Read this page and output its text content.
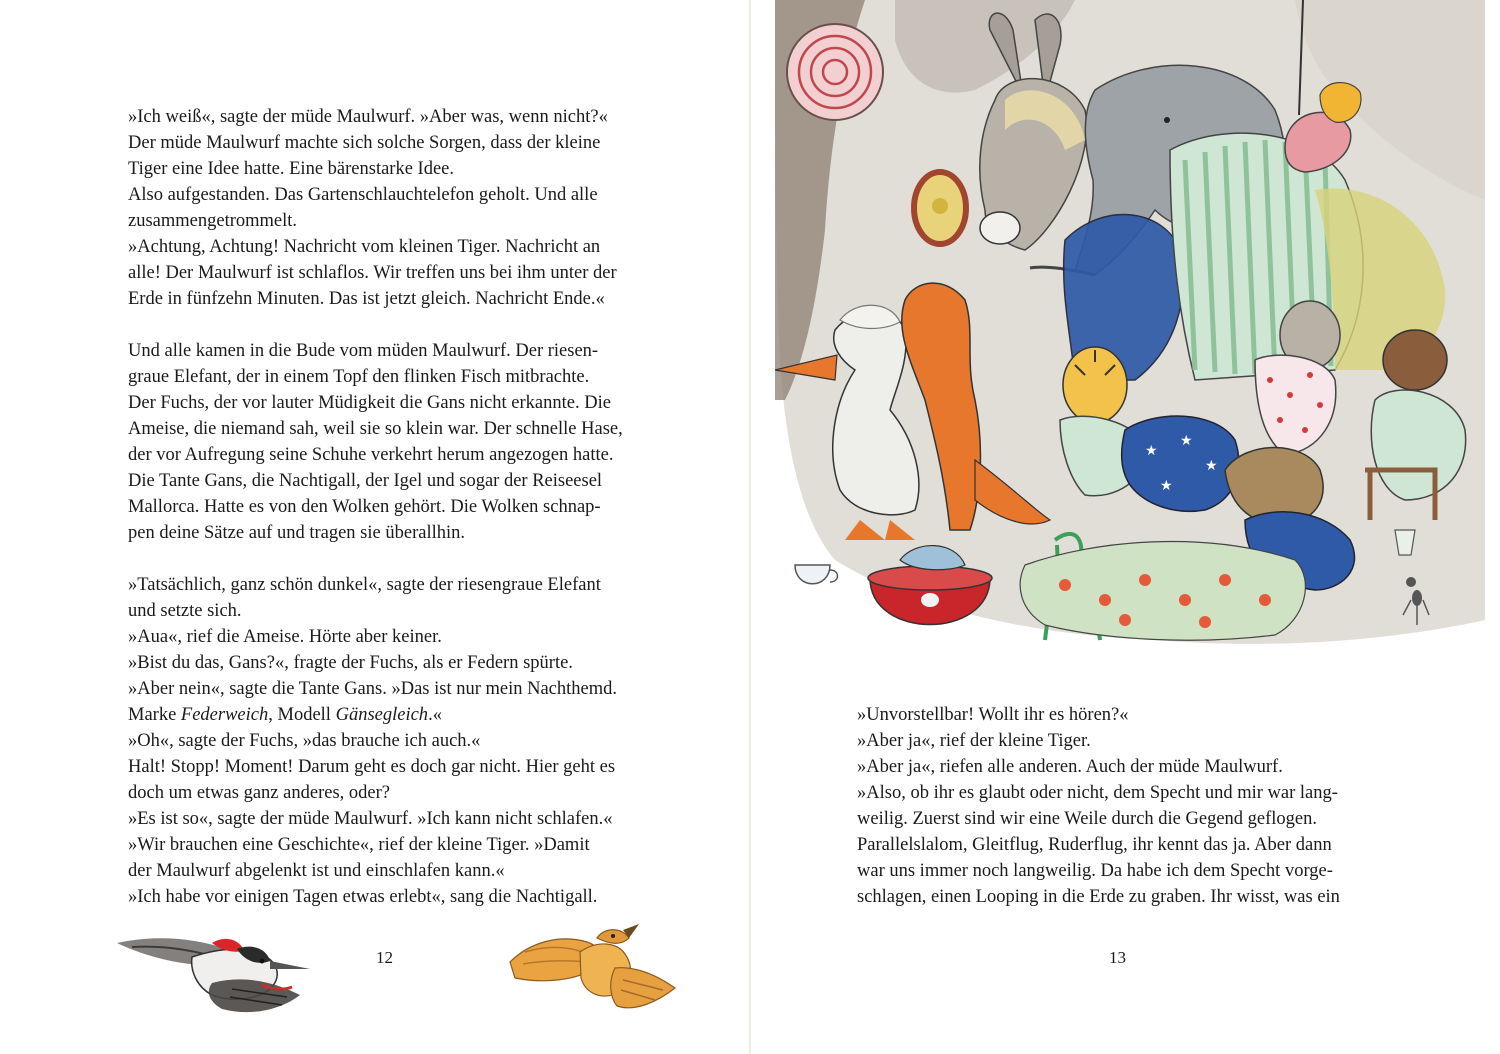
»Ich weiß«, sagte der müde Maulwurf. »Aber was, wenn nicht?«
Der müde Maulwurf machte sich solche Sorgen, dass der kleine
Tiger eine Idee hatte. Eine bärenstarke Idee.
Also aufgestanden. Das Gartenschlauchtelefon geholt. Und alle
zusammengetrommelt.
»Achtung, Achtung! Nachricht vom kleinen Tiger. Nachricht an
alle! Der Maulwurf ist schlaflos. Wir treffen uns bei ihm unter der
Erde in fünfzehn Minuten. Das ist jetzt gleich. Nachricht Ende.«

Und alle kamen in die Bude vom müden Maulwurf. Der riesen-
graue Elefant, der in einem Topf den flinken Fisch mitbrachte.
Der Fuchs, der vor lauter Müdigkeit die Gans nicht erkannte. Die
Ameise, die niemand sah, weil sie so klein war. Der schnelle Hase,
der vor Aufregung seine Schuhe verkehrt herum angezogen hatte.
Die Tante Gans, die Nachtigall, der Igel und sogar der Reiseesel
Mallorca. Hatte es von den Wolken gehört. Die Wolken schnap-
pen deine Sätze auf und tragen sie überallhin.

»Tatsächlich, ganz schön dunkel«, sagte der riesengraue Elefant
und setzte sich.
»Aua«, rief die Ameise. Hörte aber keiner.
»Bist du das, Gans?«, fragte der Fuchs, als er Federn spürte.
»Aber nein«, sagte die Tante Gans. »Das ist nur mein Nachthemd.
Marke Federweich, Modell Gänsegleich.«
»Oh«, sagte der Fuchs, »das brauche ich auch.«
Halt! Stopp! Moment! Darum geht es doch gar nicht. Hier geht es
doch um etwas ganz anderes, oder?
»Es ist so«, sagte der müde Maulwurf. »Ich kann nicht schlafen.«
»Wir brauchen eine Geschichte«, rief der kleine Tiger. »Damit
der Maulwurf abgelenkt ist und einschlafen kann.«
»Ich habe vor einigen Tagen etwas erlebt«, sang die Nachtigall.

12
★
★
★
★

»Unvorstellbar! Wollt ihr es hören?«
»Aber ja«, rief der kleine Tiger.
»Aber ja«, riefen alle anderen. Auch der müde Maulwurf.
»Also, ob ihr es glaubt oder nicht, dem Specht und mir war lang-
weilig. Zuerst sind wir eine Weile durch die Gegend geflogen.
Parallelslalom, Gleitflug, Ruderflug, ihr kennt das ja. Aber dann
war uns immer noch langweilig. Da habe ich dem Specht vorge-
schlagen, einen Looping in die Erde zu graben. Ihr wisst, was ein

13
